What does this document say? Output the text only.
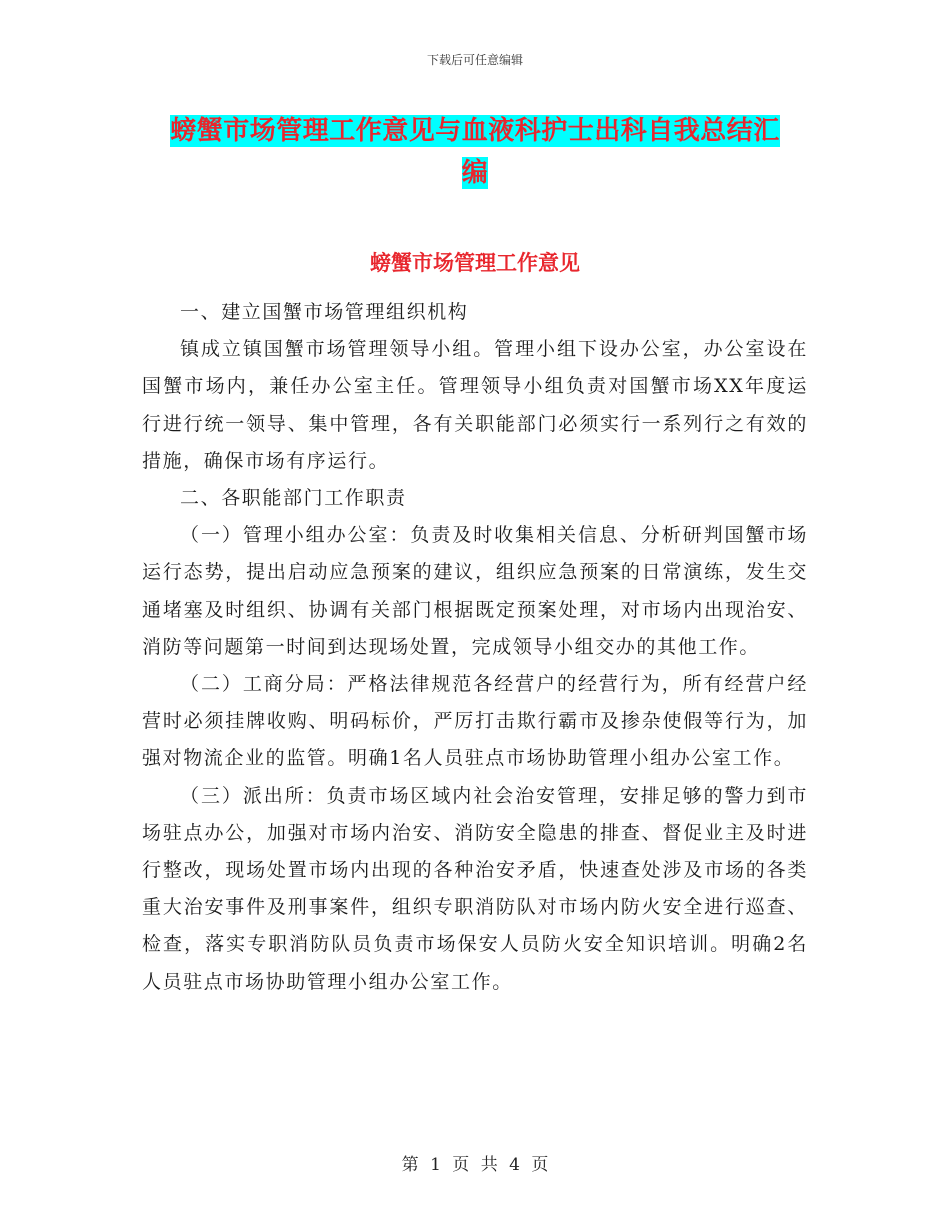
下载后可任意编辑
螃蟹市场管理工作意见与血液科护士出科自我总结汇
编
螃蟹市场管理工作意见

一、建立国蟹市场管理组织机构

镇成立镇国蟹市场管理领导小组。管理小组下设办公室，办公室设在国蟹市场内，兼任办公室主任。管理领导小组负责对国蟹市场XX年度运行进行统一领导、集中管理，各有关职能部门必须实行一系列行之有效的措施，确保市场有序运行。

二、各职能部门工作职责

（一）管理小组办公室：负责及时收集相关信息、分析研判国蟹市场运行态势，提出启动应急预案的建议，组织应急预案的日常演练，发生交通堵塞及时组织、协调有关部门根据既定预案处理，对市场内出现治安、消防等问题第一时间到达现场处置，完成领导小组交办的其他工作。

（二）工商分局：严格法律规范各经营户的经营行为，所有经营户经营时必须挂牌收购、明码标价，严厉打击欺行霸市及掺杂使假等行为，加强对物流企业的监管。明确1名人员驻点市场协助管理小组办公室工作。

（三）派出所：负责市场区域内社会治安管理，安排足够的警力到市场驻点办公，加强对市场内治安、消防安全隐患的排查、督促业主及时进行整改，现场处置市场内出现的各种治安矛盾，快速查处涉及市场的各类重大治安事件及刑事案件，组织专职消防队对市场内防火安全进行巡查、检查，落实专职消防队员负责市场保安人员防火安全知识培训。明确2名人员驻点市场协助管理小组办公室工作。

第 1 页 共 4 页
